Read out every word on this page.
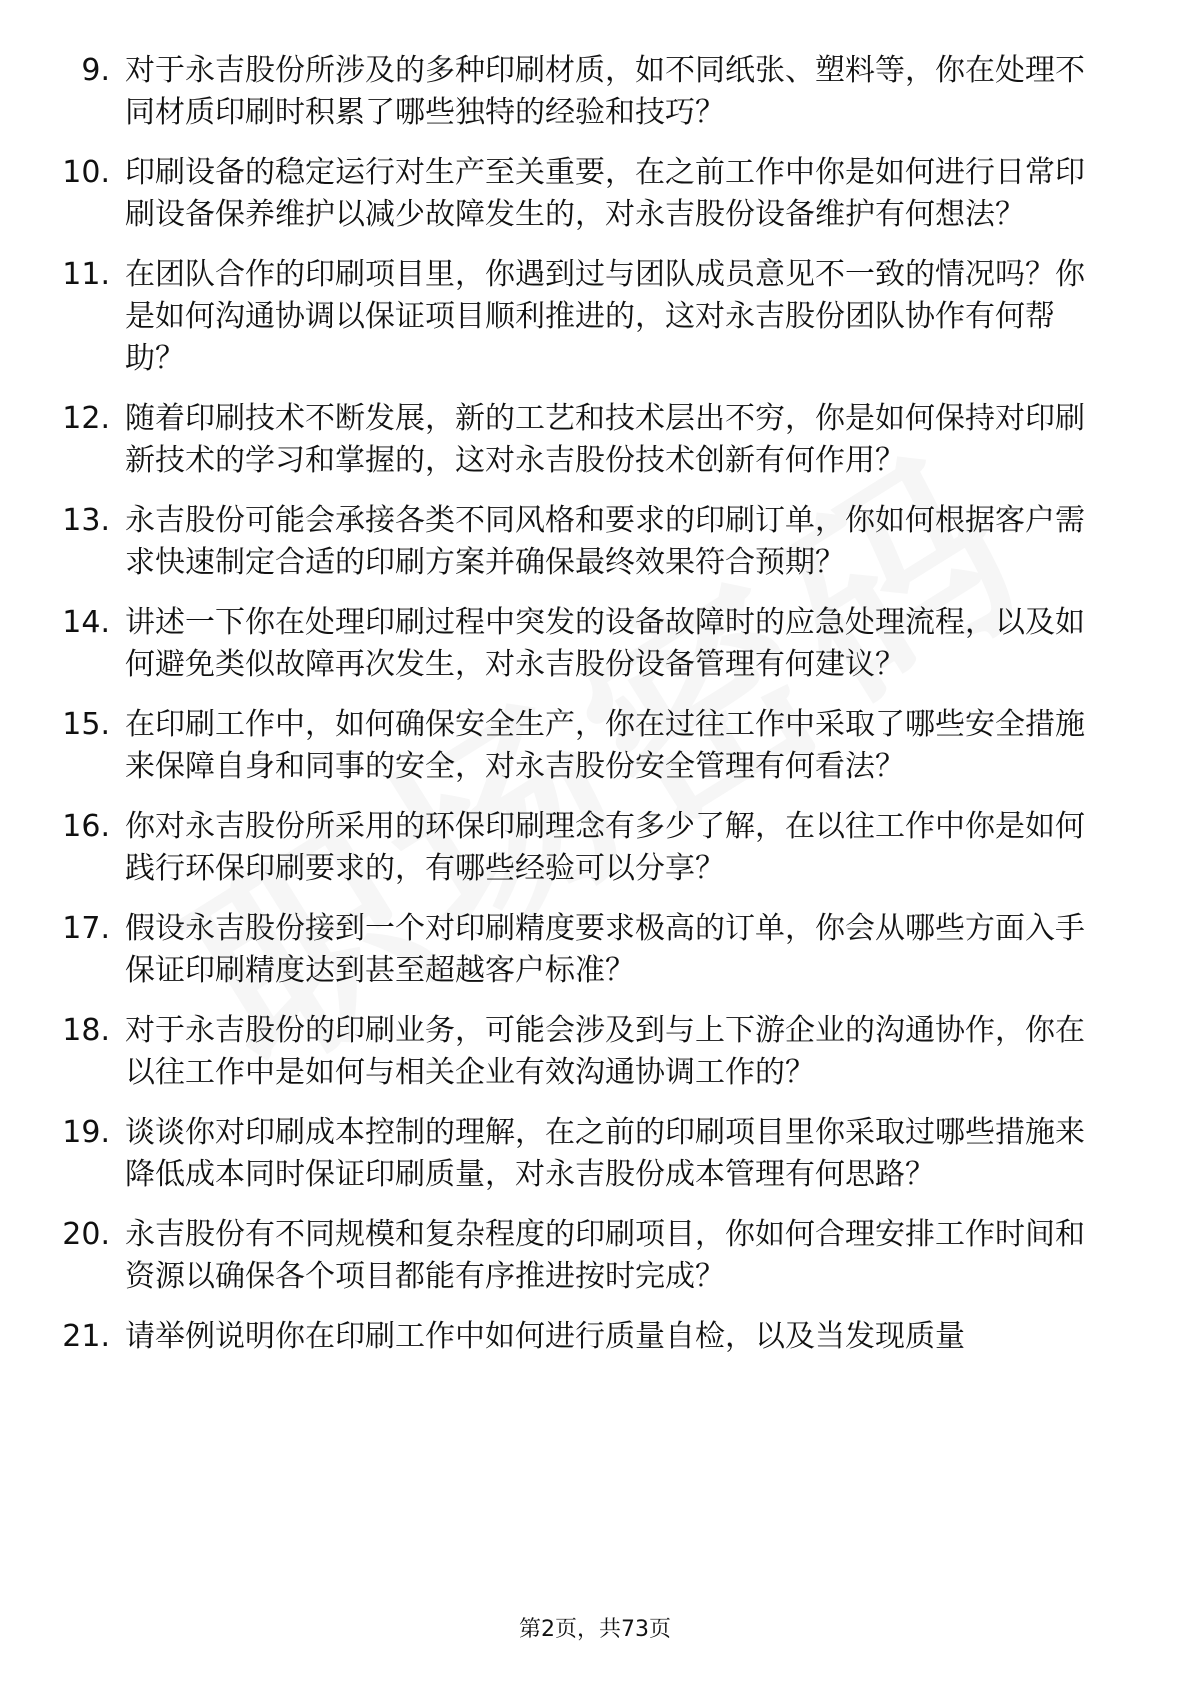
9. 对于永吉股份所涉及的多种印刷材质，如不同纸张、塑料等，你在处理不同材质印刷时积累了哪些独特的经验和技巧？
10. 印刷设备的稳定运行对生产至关重要，在之前工作中你是如何进行日常印刷设备保养维护以减少故障发生的，对永吉股份设备维护有何想法？
11. 在团队合作的印刷项目里，你遇到过与团队成员意见不一致的情况吗？你是如何沟通协调以保证项目顺利推进的，这对永吉股份团队协作有何帮助？
12. 随着印刷技术不断发展，新的工艺和技术层出不穷，你是如何保持对印刷新技术的学习和掌握的，这对永吉股份技术创新有何作用？
13. 永吉股份可能会承接各类不同风格和要求的印刷订单，你如何根据客户需求快速制定合适的印刷方案并确保最终效果符合预期？
14. 讲述一下你在处理印刷过程中突发的设备故障时的应急处理流程，以及如何避免类似故障再次发生，对永吉股份设备管理有何建议？
15. 在印刷工作中，如何确保安全生产，你在过往工作中采取了哪些安全措施来保障自身和同事的安全，对永吉股份安全管理有何看法？
16. 你对永吉股份所采用的环保印刷理念有多少了解，在以往工作中你是如何践行环保印刷要求的，有哪些经验可以分享？
17. 假设永吉股份接到一个对印刷精度要求极高的订单，你会从哪些方面入手保证印刷精度达到甚至超越客户标准？
18. 对于永吉股份的印刷业务，可能会涉及到与上下游企业的沟通协作，你在以往工作中是如何与相关企业有效沟通协调工作的？
19. 谈谈你对印刷成本控制的理解，在之前的印刷项目里你采取过哪些措施来降低成本同时保证印刷质量，对永吉股份成本管理有何思路？
20. 永吉股份有不同规模和复杂程度的印刷项目，你如何合理安排工作时间和资源以确保各个项目都能有序推进按时完成？
21. 请举例说明你在印刷工作中如何进行质量自检，以及当发现质量
第2页，共73页
